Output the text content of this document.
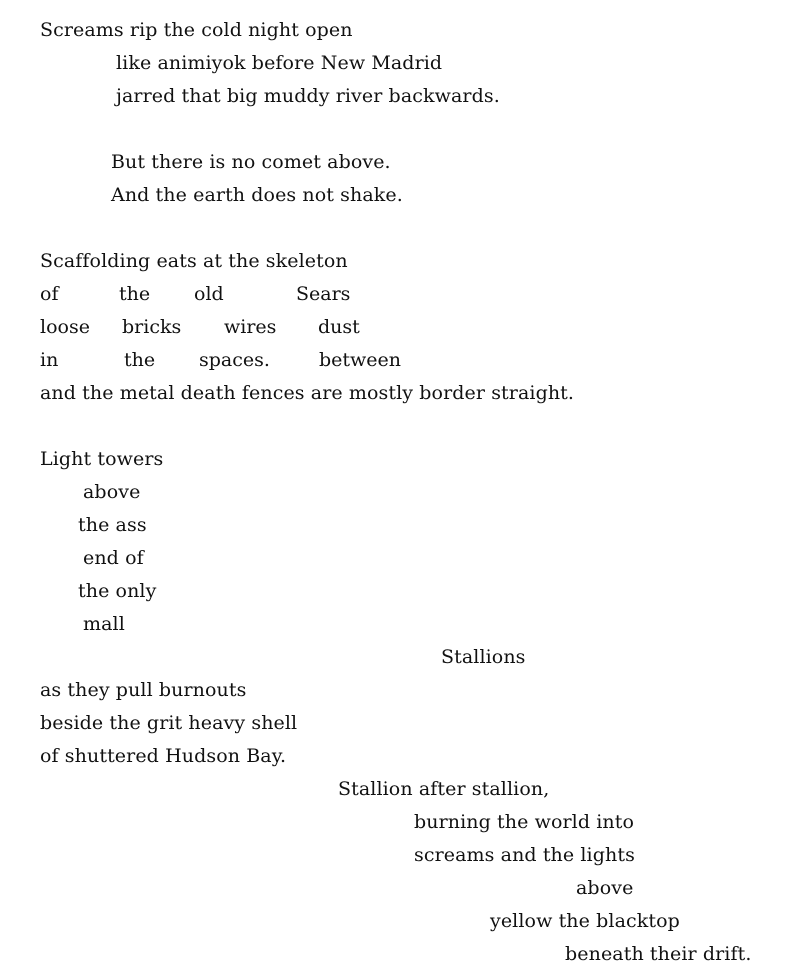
Screams rip the cold night open
like animiyok before New Madrid
jarred that big muddy river backwards.
But there is no comet above.
And the earth does not shake.
Scaffolding eats at the skeleton
of	the old	Sears
loose bricks wires dust
in	the spaces.	between
and the metal death fences are mostly border straight.
Light towers
above
the ass
end of
the only
mall
Stallions
as they pull burnouts
beside the grit heavy shell
of shuttered Hudson Bay.
Stallion after stallion,
burning the world into
screams and the lights
above
yellow the blacktop
beneath their drift.
